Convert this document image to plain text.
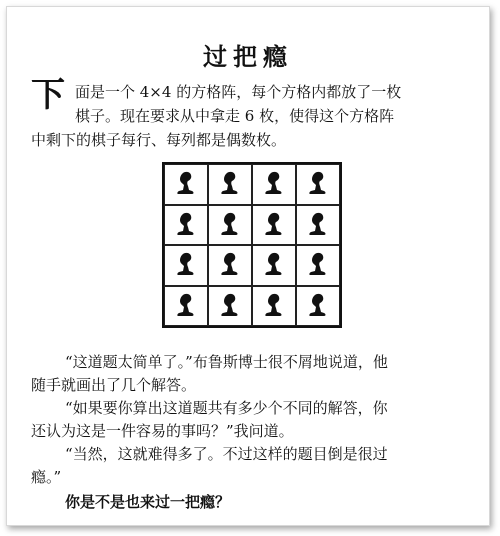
过把瘾
下 面是一个 4×4 的方格阵，每个方格内都放了一枚
棋子。现在要求从中拿走 6 枚，使得这个方格阵
中剩下的棋子每行、每列都是偶数枚。
“这道题太简单了。”布鲁斯博士很不屑地说道，他
随手就画出了几个解答。
“如果要你算出这道题共有多少个不同的解答，你
还认为这是一件容易的事吗？”我问道。
“当然，这就难得多了。不过这样的题目倒是很过
瘾。”
你是不是也来过一把瘾？
